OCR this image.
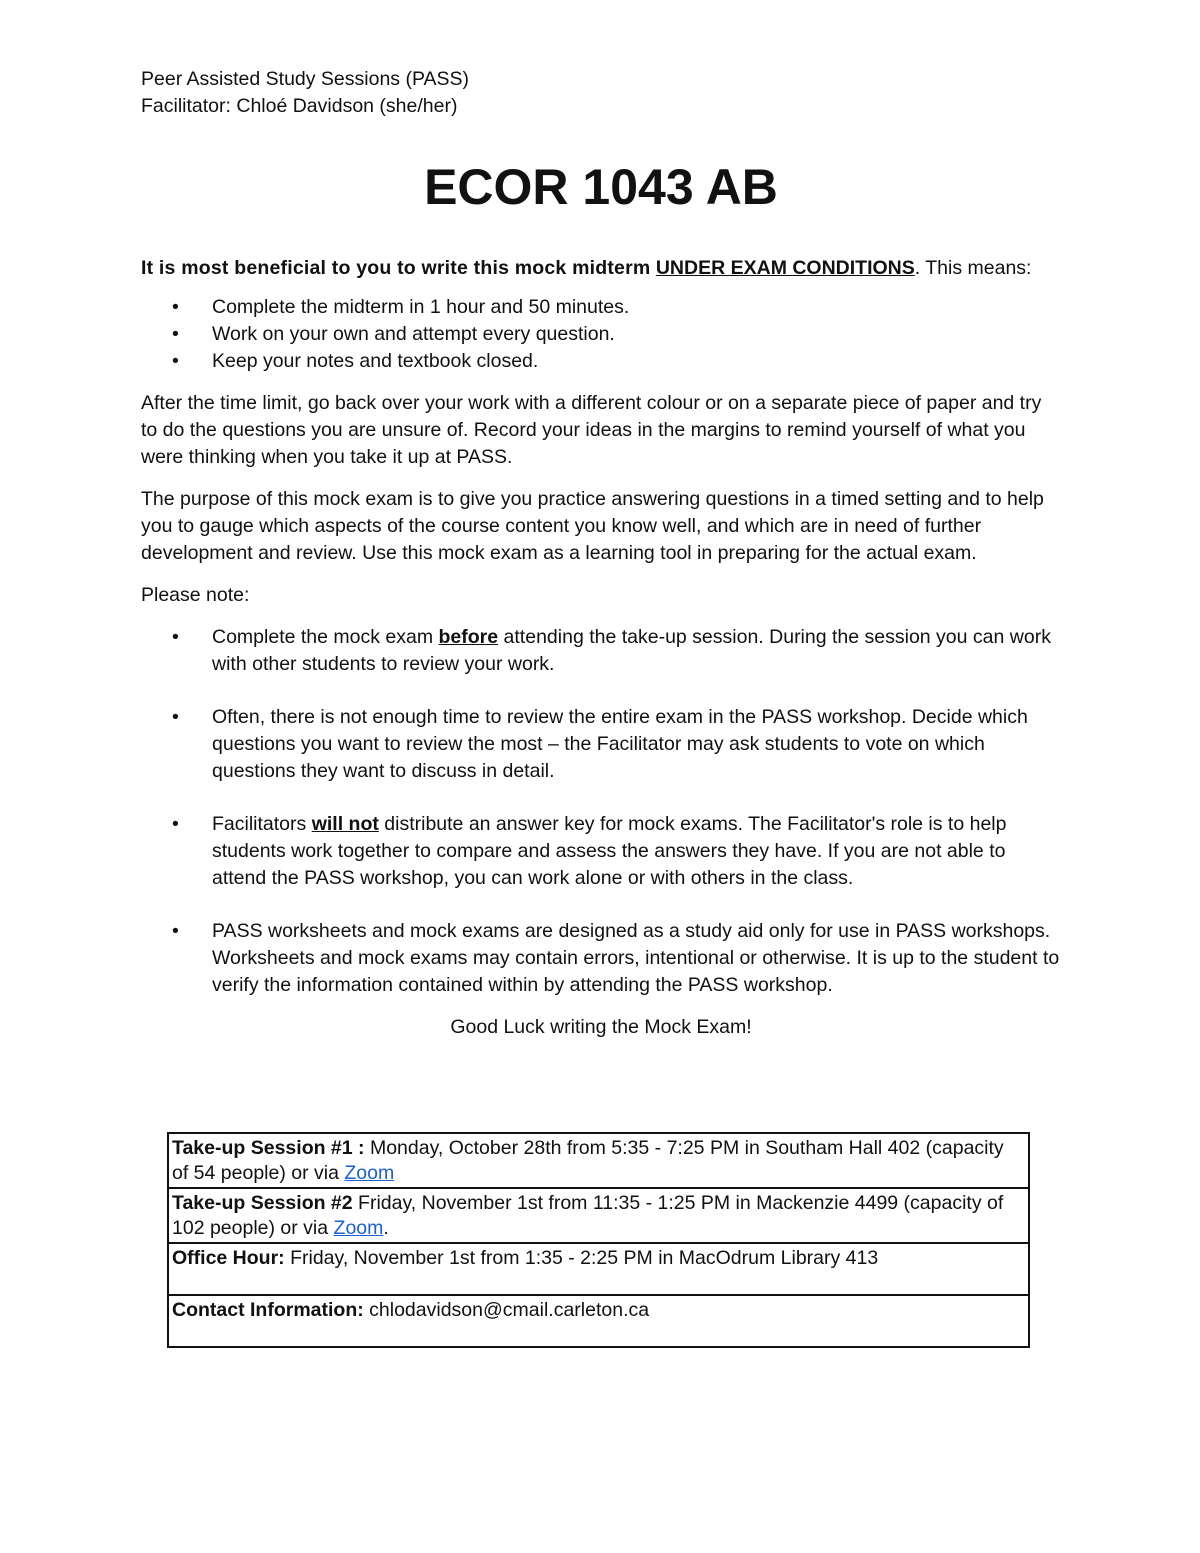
Peer Assisted Study Sessions (PASS)

Facilitator: Chloé Davidson (she/her)

ECOR 1043 AB

It is most beneficial to you to write this mock midterm UNDER EXAM CONDITIONS. This means:

• Complete the midterm in 1 hour and 50 minutes.
• Work on your own and attempt every question.
• Keep your notes and textbook closed.

After the time limit, go back over your work with a different colour or on a separate piece of paper and try to do the questions you are unsure of. Record your ideas in the margins to remind yourself of what you were thinking when you take it up at PASS.

The purpose of this mock exam is to give you practice answering questions in a timed setting and to help you to gauge which aspects of the course content you know well, and which are in need of further development and review. Use this mock exam as a learning tool in preparing for the actual exam.

Please note:

• Complete the mock exam before attending the take-up session. During the session you can work with other students to review your work.
• Often, there is not enough time to review the entire exam in the PASS workshop. Decide which questions you want to review the most – the Facilitator may ask students to vote on which questions they want to discuss in detail.
• Facilitators will not distribute an answer key for mock exams. The Facilitator's role is to help students work together to compare and assess the answers they have. If you are not able to attend the PASS workshop, you can work alone or with others in the class.
• PASS worksheets and mock exams are designed as a study aid only for use in PASS workshops. Worksheets and mock exams may contain errors, intentional or otherwise. It is up to the student to verify the information contained within by attending the PASS workshop.

Good Luck writing the Mock Exam!

Take-up Session #1 : Monday, October 28th from 5:35 - 7:25 PM in Southam Hall 402 (capacity of 54 people) or via Zoom
Take-up Session #2 Friday, November 1st from 11:35 - 1:25 PM in Mackenzie 4499 (capacity of 102 people) or via Zoom.
Office Hour: Friday, November 1st from 1:35 - 2:25 PM in MacOdrum Library 413
Contact Information: chlodavidson@cmail.carleton.ca
